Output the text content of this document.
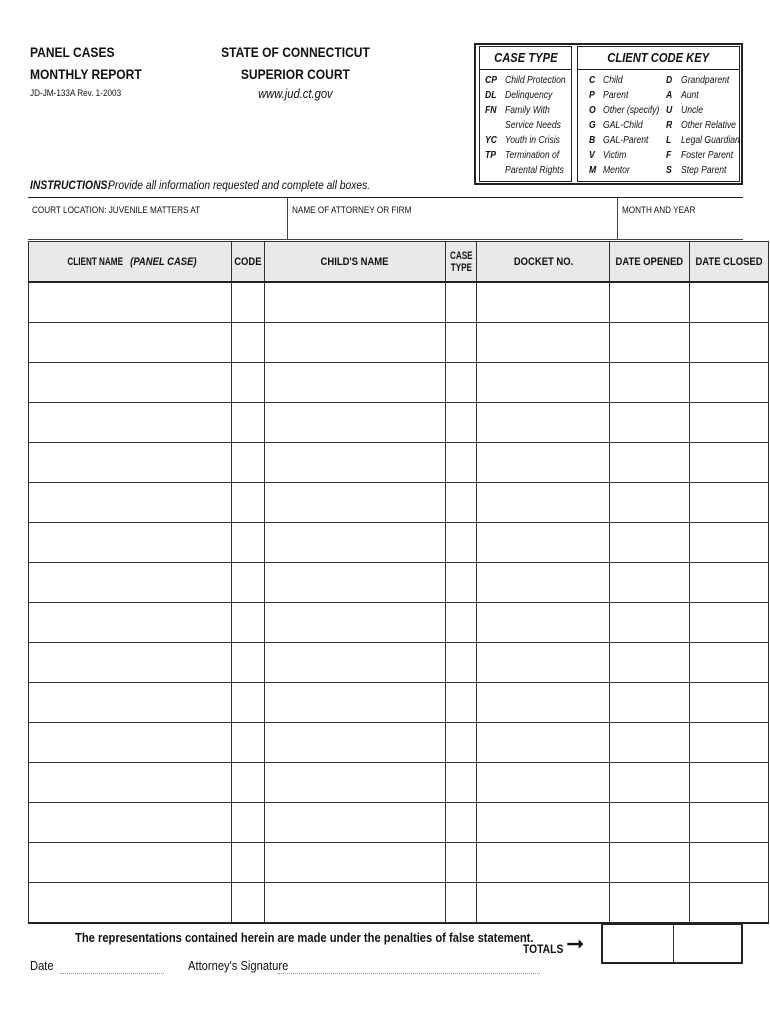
PANEL CASES
MONTHLY REPORT
JD-JM-133A Rev. 1-2003
STATE OF CONNECTICUT
SUPERIOR COURT
www.jud.ct.gov
CASE TYPE
CP Child Protection
DL Delinquency
FN Family With
Service Needs
YC Youth in Crisis
TP Termination of
Parental Rights
CLIENT CODE KEY
C Child
P Parent
O Other (specify)
G GAL-Child
B GAL-Parent
V Victim
M Mentor
D Grandparent
A Aunt
U Uncle
R Other Relative
L Legal Guardian
F Foster Parent
S Step Parent
INSTRUCTIONS:
Provide all information requested and complete all boxes.
COURT LOCATION: JUVENILE MATTERS AT	NAME OF ATTORNEY OR FIRM	MONTH AND YEAR
CLIENT NAME (PANEL CASE)	CODE	CHILD'S NAME	CASE
TYPE	DOCKET NO.	DATE OPENED	DATE CLOSED

The representations contained herein are made under the penalties of false statement.
TOTALS ➞
Date	Attorney's Signature
